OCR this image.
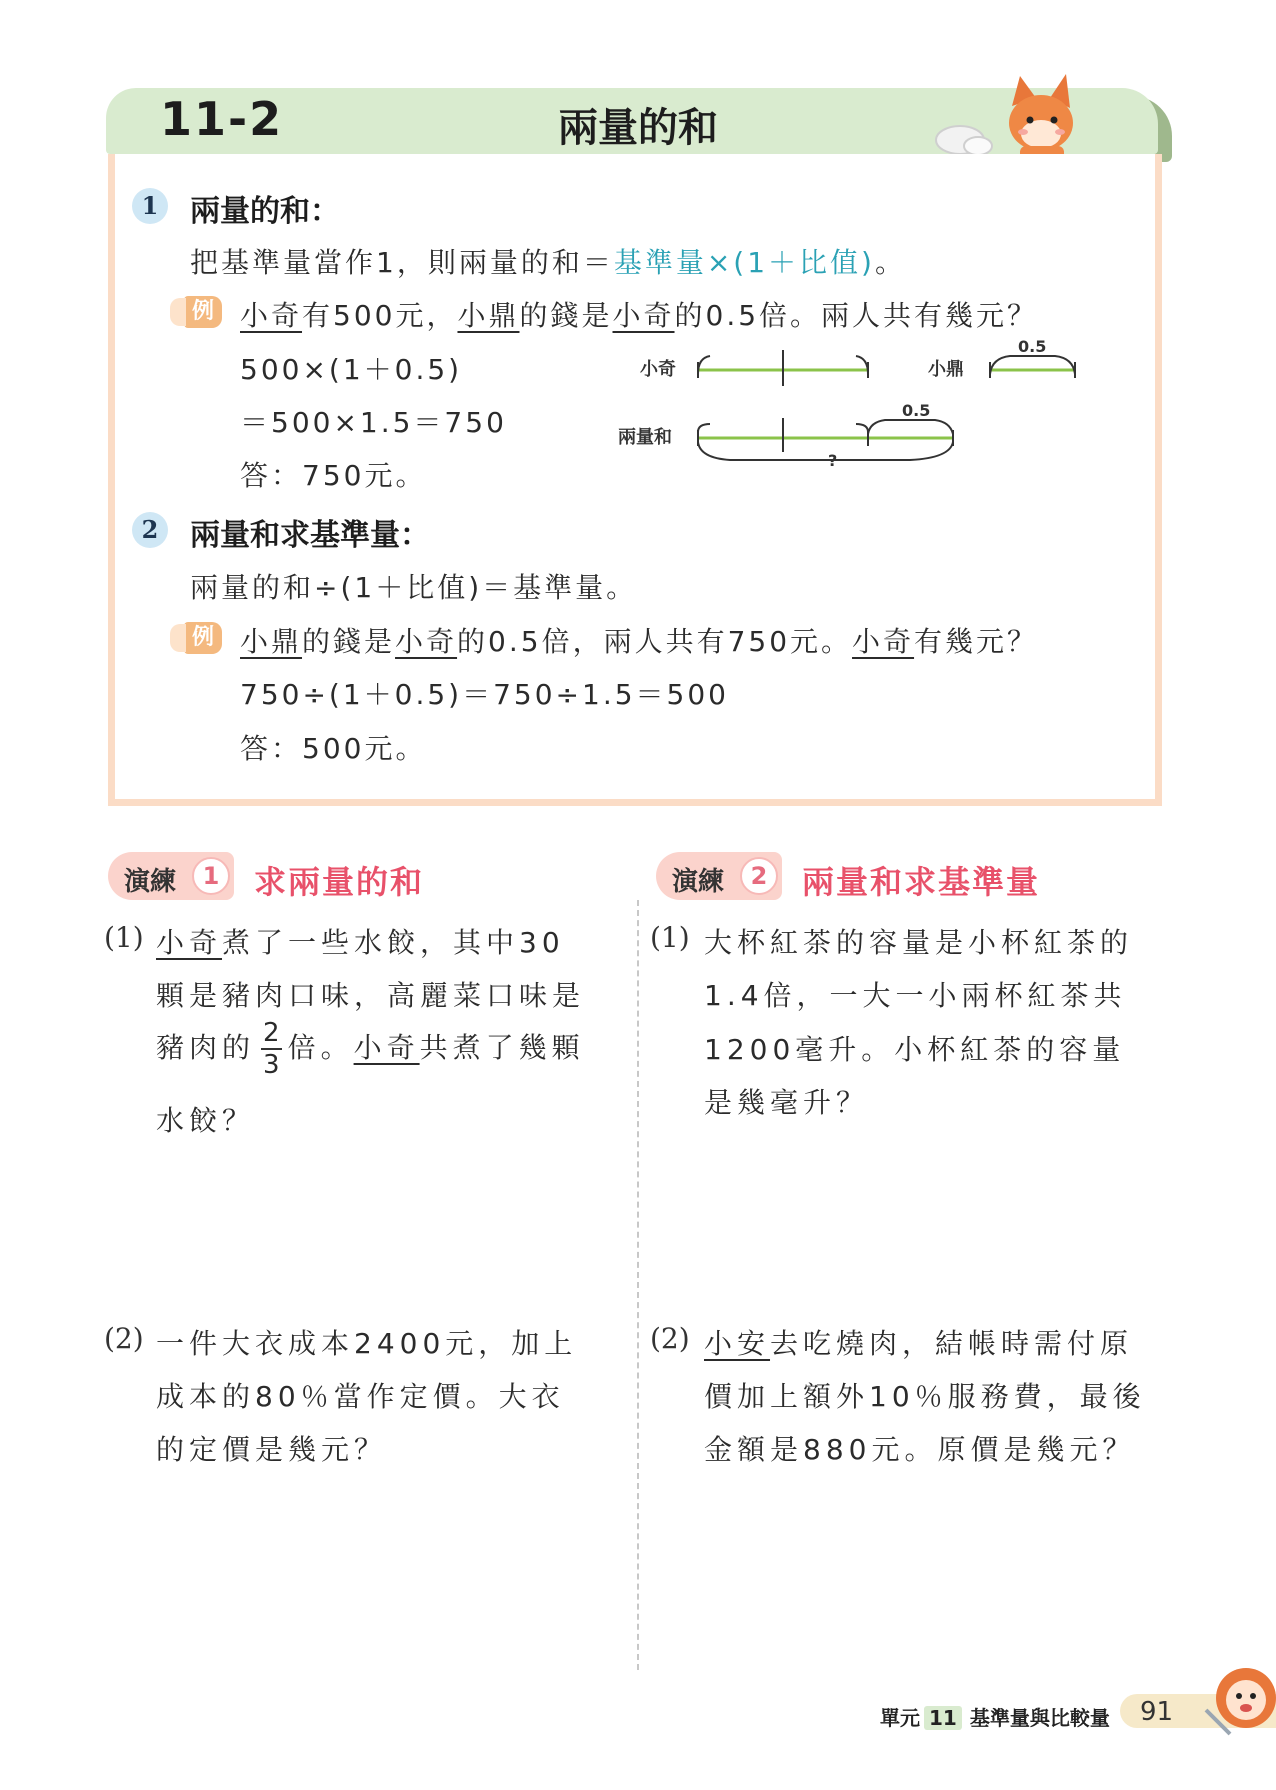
11-2	兩量的和
1	兩量的和：
把基準量當作1，則兩量的和＝基準量×(1＋比值)。
例 小奇有500元，小鼎的錢是小奇的0.5倍。兩人共有幾元？
500×(1＋0.5)
＝500×1.5＝750
答：750元。
小奇	小鼎
0.5
兩量和
0.5
?
2	兩量和求基準量：
兩量的和÷(1＋比值)＝基準量。
例 小鼎的錢是小奇的0.5倍，兩人共有750元。小奇有幾元？
750÷(1＋0.5)＝750÷1.5＝500
答：500元。
演練	1	求兩量的和
(1) 小奇煮了一些水餃，其中30
顆是豬肉口味，高麗菜口味是
豬肉的 $\frac{2}{3}$ 倍。小奇共煮了幾顆
水餃？
(2) 一件大衣成本2400元，加上
成本的80％當作定價。大衣
的定價是幾元？
演練	2	兩量和求基準量
(1) 大杯紅茶的容量是小杯紅茶的
1.4倍，一大一小兩杯紅茶共
1200毫升。小杯紅茶的容量
是幾毫升？
(2) 小安去吃燒肉，結帳時需付原
價加上額外10％服務費，最後
金額是880元。原價是幾元？
單元 11 基準量與比較量 91
